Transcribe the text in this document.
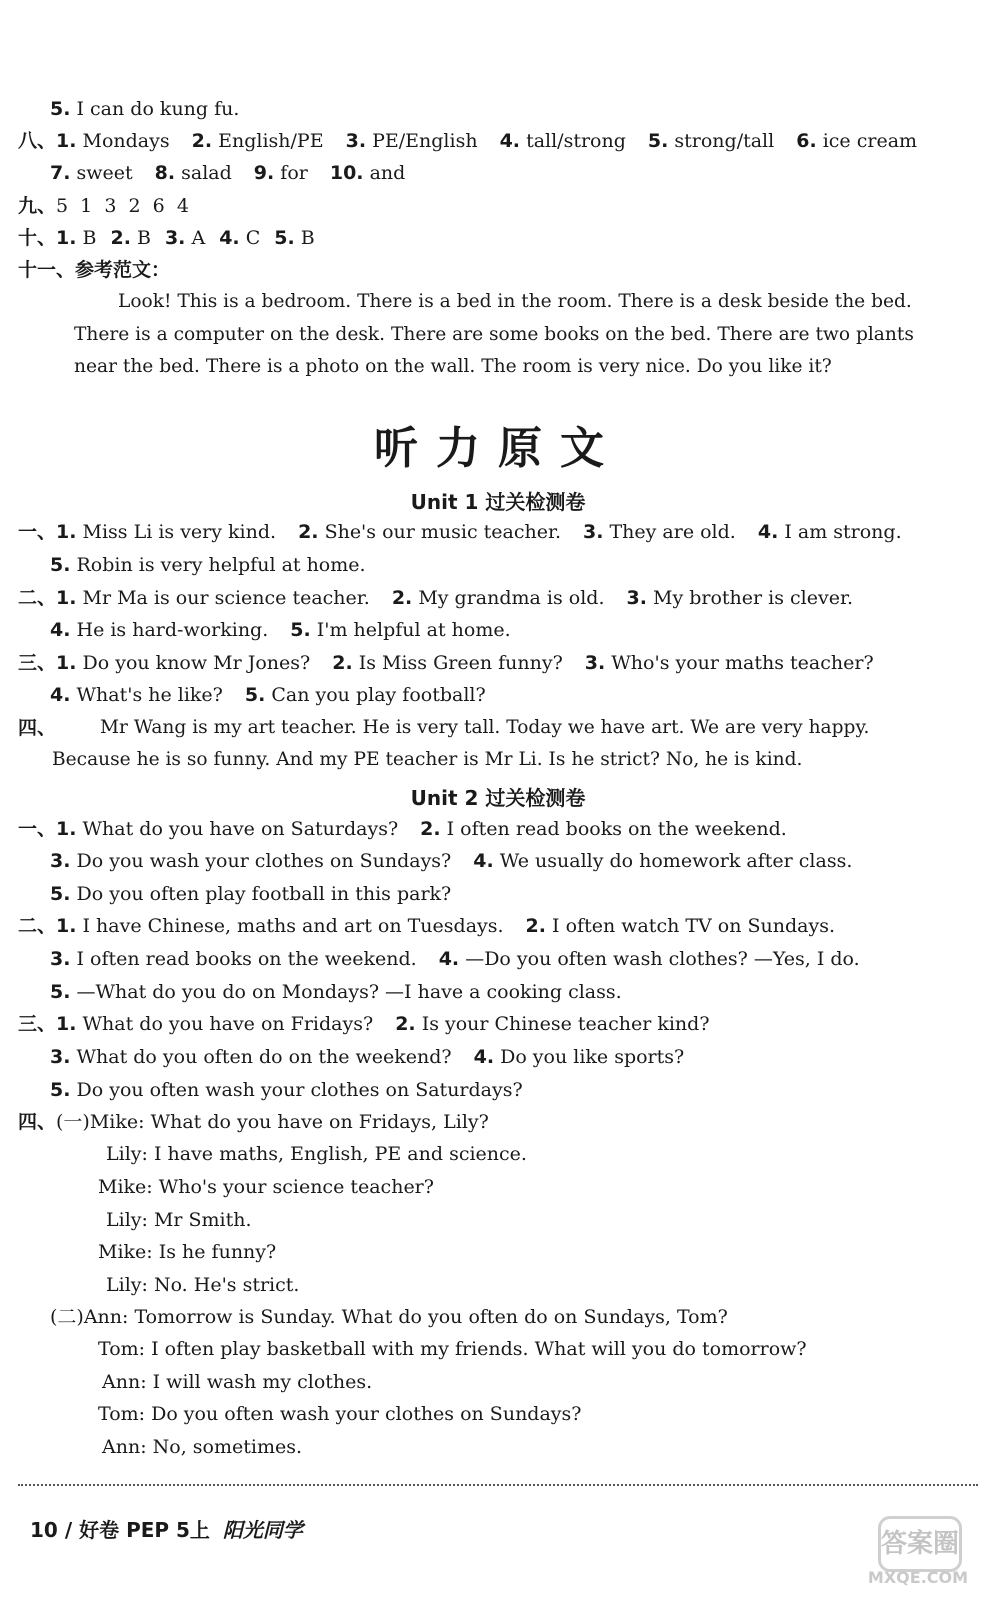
5. I can do kung fu.
八、1. Mondays 2. English/PE 3. PE/English 4. tall/strong 5. strong/tall 6. ice cream
7. sweet 8. salad 9. for 10. and
九、5  1  3  2  6  4
十、1. B 2. B 3. A 4. C 5. B
十一、参考范文：
Look! This is a bedroom. There is a bed in the room. There is a desk beside the bed.
There is a computer on the desk. There are some books on the bed. There are two plants
near the bed. There is a photo on the wall. The room is very nice. Do you like it?
听力原文
Unit 1 过关检测卷
一、1. Miss Li is very kind. 2. She's our music teacher. 3. They are old. 4. I am strong.
5. Robin is very helpful at home.
二、1. Mr Ma is our science teacher. 2. My grandma is old. 3. My brother is clever.
4. He is hard-working. 5. I'm helpful at home.
三、1. Do you know Mr Jones? 2. Is Miss Green funny? 3. Who's your maths teacher?
4. What's he like? 5. Can you play football?
四、 Mr Wang is my art teacher. He is very tall. Today we have art. We are very happy.
Because he is so funny. And my PE teacher is Mr Li. Is he strict? No, he is kind.
Unit 2 过关检测卷
一、1. What do you have on Saturdays? 2. I often read books on the weekend.
3. Do you wash your clothes on Sundays? 4. We usually do homework after class.
5. Do you often play football in this park?
二、1. I have Chinese, maths and art on Tuesdays. 2. I often watch TV on Sundays.
3. I often read books on the weekend. 4. —Do you often wash clothes? —Yes, I do.
5. —What do you do on Mondays? —I have a cooking class.
三、1. What do you have on Fridays? 2. Is your Chinese teacher kind?
3. What do you often do on the weekend? 4. Do you like sports?
5. Do you often wash your clothes on Saturdays?
四、(一)Mike: What do you have on Fridays, Lily?
Lily: I have maths, English, PE and science.
Mike: Who's your science teacher?
Lily: Mr Smith.
Mike: Is he funny?
Lily: No. He's strict.
(二)Ann: Tomorrow is Sunday. What do you often do on Sundays, Tom?
Tom: I often play basketball with my friends. What will you do tomorrow?
Ann: I will wash my clothes.
Tom: Do you often wash your clothes on Sundays?
Ann: No, sometimes.
10 / 好卷 PEP 5上 阳光同学	答案圈
MXQE.COM
